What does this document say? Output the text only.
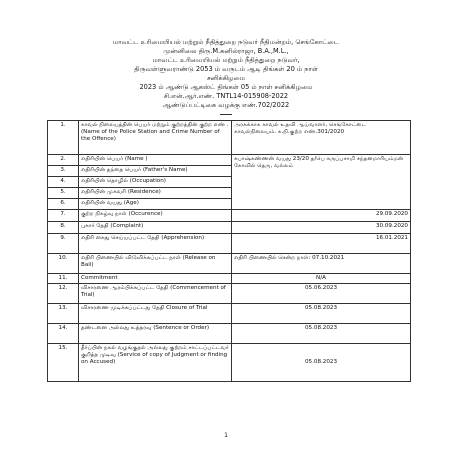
மாவட்ட உரிமையியல் மற்றும் நீதித்துறை நடுவர் நீதிமன்றம், செங்கோட்டை
முன்னிலை திரு.M.சுனில்ராஜா, B.A.,M.L.,
மாவட்ட உரிமையியல் மற்றும் நீதித்துறை நடுவர்,
திருவள்ளுவராண்டு 2053 ம் வருடம் ஆடி திங்கள் 20 ம் நாள்
சனிக்கிழமை
2023 ம் ஆண்டு ஆகஸ்ட் திங்கள் 05 ம் நாள் சனிக்கிழமை
சி.என்.ஆர்.எண். TNTL14-015908-2022
ஆண்டுப்பட்டிகை வழக்கு எண்.702/2022
1.	காவல் நிலையத்தின் பெயர் மற்றும் குற்றத்தின் குற்ற எண் . (Name of the Police Station and Crime Number of the Offence)	அரசுக்காக காவல் உதவி ஆய்வாளர், செங்கோட்டை காவல்நிலையம். க.நி.குற்ற எண்.301/2020
2.	எதிரியின் பெயர் (Name )	சுபாஷ்கண்ணன் வயது 23/20 த/பெ கருப்பசாமி சந்தனமாரியம்மன் கோவில் தெரு, வல்லம்
3.	எதிரியின் தந்தை பெயர் (Father's Name)	
4.	எதிரியின் தொழில் (Occupation)	
5.	எதிரியின் முகவரி (Residence)	
6.	எதிரியின் வயது (Age)	
7.	குற்ற நிகழ்வு நாள் (Occurence)	29.09.2020
8.	புகார் தேதி (Complaint)	30.09.2020
9.	எதிரி கைது செய்யப்பட்ட தேதி (Apprehension)	16.01.2021
10.	எதிரி பிணையில் விடுவிக்கப்பட்ட நாள் (Release on Bail)	எதிரி பிணையில் சென்ற நாள்: 07.10.2021
11.	Commitment	N/A
12.	விசாரணை ஆரம்பிக்கப்பட்ட தேதி (Commencement of Trial)	05.06.2023
13.	விசாரணை முடிக்கப்பட்டது தேதி Closure of Trial	05.08.2023
14.	தண்டனை அல்லது உத்தரவு (Sentence or Order)	05.08.2023
15.	தீர்ப்பின் நகல் வழங்குதல் அல்லது குற்றம் சாட்டப்பட்டவர் குறித்த முடிவு (Service of copy of Judgment or finding on Accused)	05.08.2023
1
